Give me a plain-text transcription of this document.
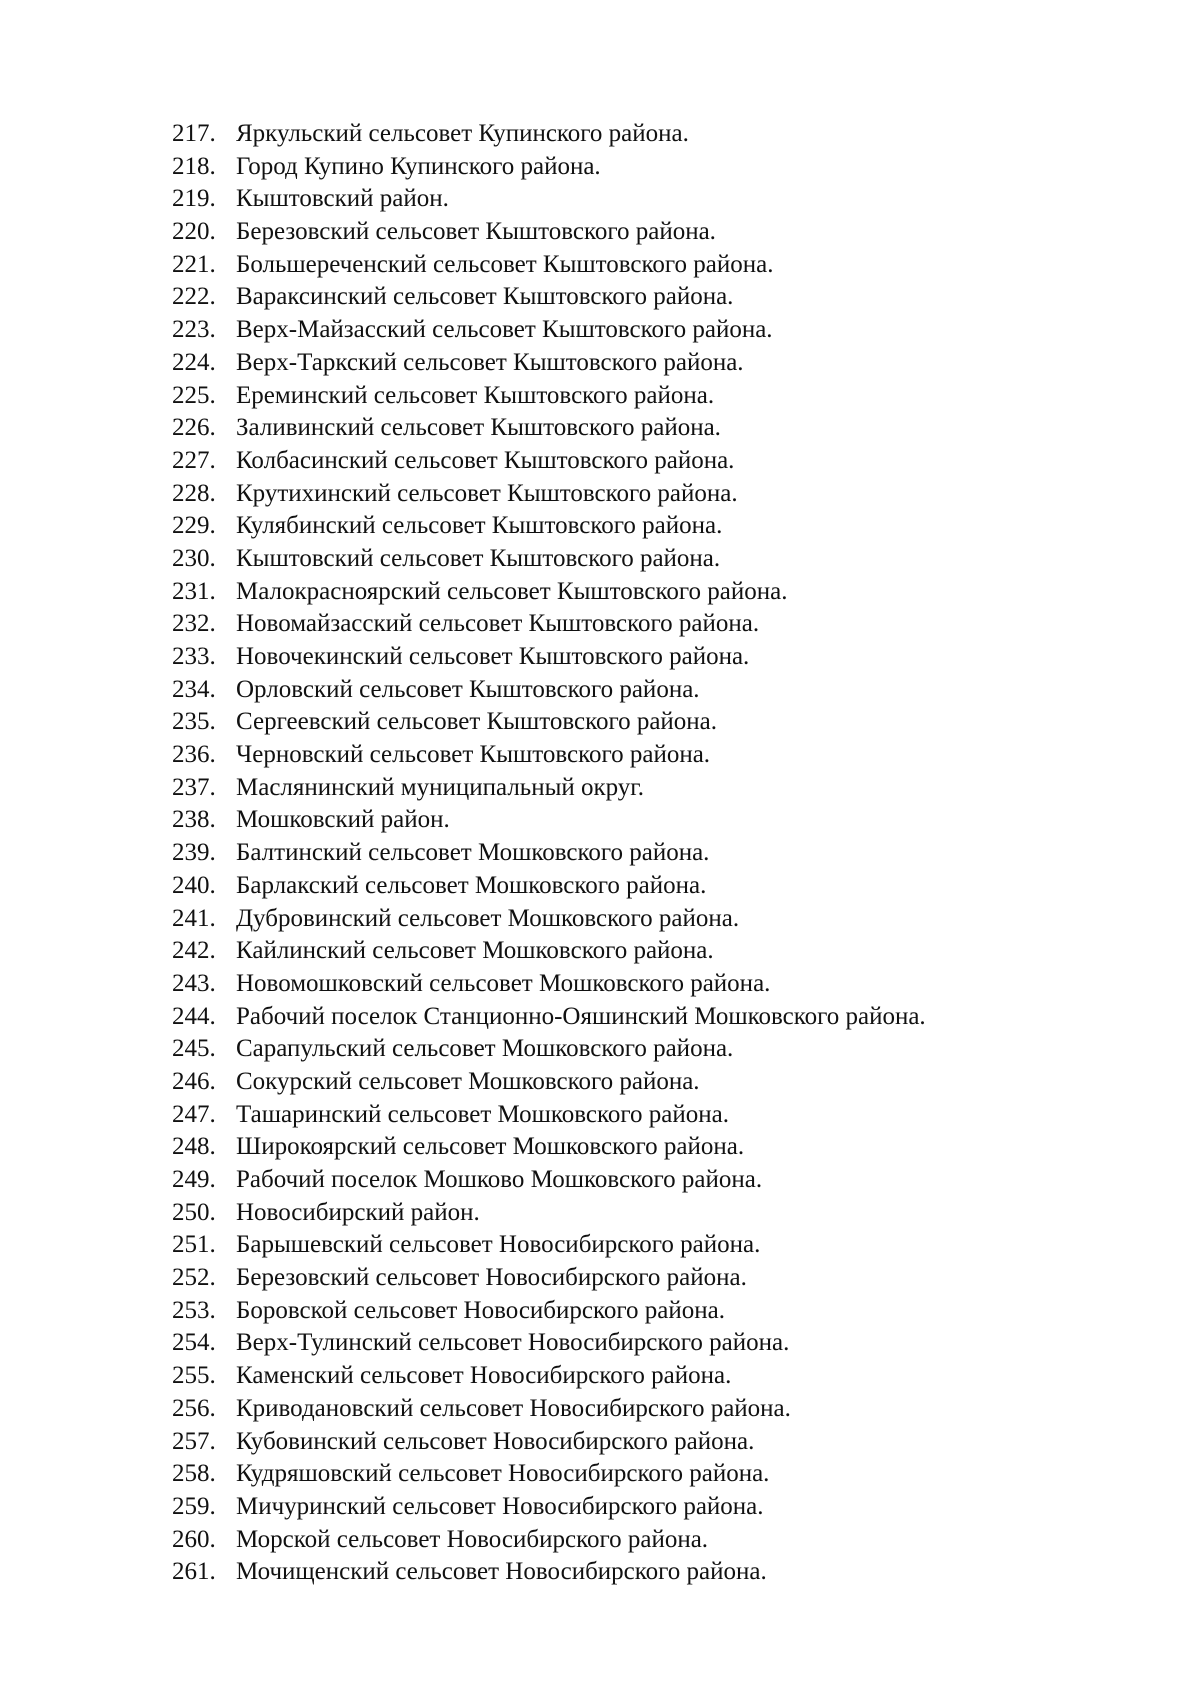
217. Яркульский сельсовет Купинского района.
218. Город Купино Купинского района.
219. Кыштовский район.
220. Березовский сельсовет Кыштовского района.
221. Большереченский сельсовет Кыштовского района.
222. Вараксинский сельсовет Кыштовского района.
223. Верх-Майзасский сельсовет Кыштовского района.
224. Верх-Таркский сельсовет Кыштовского района.
225. Ереминский сельсовет Кыштовского района.
226. Заливинский сельсовет Кыштовского района.
227. Колбасинский сельсовет Кыштовского района.
228. Крутихинский сельсовет Кыштовского района.
229. Кулябинский сельсовет Кыштовского района.
230. Кыштовский сельсовет Кыштовского района.
231. Малокрасноярский сельсовет Кыштовского района.
232. Новомайзасский сельсовет Кыштовского района.
233. Новочекинский сельсовет Кыштовского района.
234. Орловский сельсовет Кыштовского района.
235. Сергеевский сельсовет Кыштовского района.
236. Черновский сельсовет Кыштовского района.
237. Маслянинский муниципальный округ.
238. Мошковский район.
239. Балтинский сельсовет Мошковского района.
240. Барлакский сельсовет Мошковского района.
241. Дубровинский сельсовет Мошковского района.
242. Кайлинский сельсовет Мошковского района.
243. Новомошковский сельсовет Мошковского района.
244. Рабочий поселок Станционно-Ояшинский Мошковского района.
245. Сарапульский сельсовет Мошковского района.
246. Сокурский сельсовет Мошковского района.
247. Ташаринский сельсовет Мошковского района.
248. Широкоярский сельсовет Мошковского района.
249. Рабочий поселок Мошково Мошковского района.
250. Новосибирский район.
251. Барышевский сельсовет Новосибирского района.
252. Березовский сельсовет Новосибирского района.
253. Боровской сельсовет Новосибирского района.
254. Верх-Тулинский сельсовет Новосибирского района.
255. Каменский сельсовет Новосибирского района.
256. Криводановский сельсовет Новосибирского района.
257. Кубовинский сельсовет Новосибирского района.
258. Кудряшовский сельсовет Новосибирского района.
259. Мичуринский сельсовет Новосибирского района.
260. Морской сельсовет Новосибирского района.
261. Мочищенский сельсовет Новосибирского района.
